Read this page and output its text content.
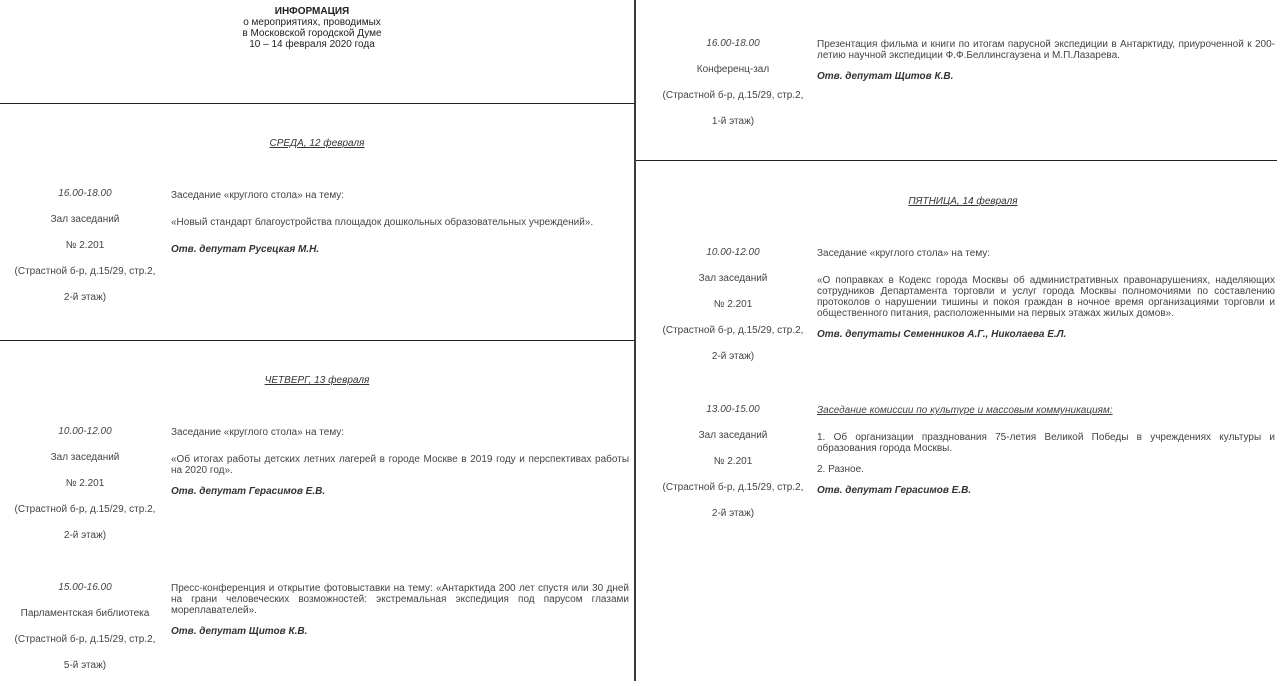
ИНФОРМАЦИЯ
о мероприятиях, проводимых
в Московской городской Думе
10 – 14 февраля 2020 года
СРЕДА, 12 февраля
16.00-18.00
Зал заседаний
№ 2.201
(Страстной б-р, д.15/29, стр.2,
2-й этаж)
Заседание «круглого стола» на тему:
«Новый стандарт благоустройства площадок дошкольных образовательных учреждений».
Отв. депутат Русецкая М.Н.
ЧЕТВЕРГ, 13 февраля
10.00-12.00
Зал заседаний
№ 2.201
(Страстной б-р, д.15/29, стр.2,
2-й этаж)
Заседание «круглого стола» на тему:
«Об итогах работы детских летних лагерей в городе Москве в 2019 году и перспективах работы на 2020 год».
Отв. депутат Герасимов Е.В.
15.00-16.00
Парламентская библиотека
(Страстной б-р, д.15/29, стр.2,
5-й этаж)
Пресс-конференция и открытие фотовыставки на тему: «Антарктида 200 лет спустя или 30 дней на грани человеческих возможностей: экстремальная экспедиция под парусом глазами мореплавателей».
Отв. депутат Щитов К.В.
16.00-18.00
Конференц-зал
(Страстной б-р, д.15/29, стр.2,
1-й этаж)
Презентация фильма и книги по итогам парусной экспедиции в Антарктиду, приуроченной к 200-летию научной экспедиции Ф.Ф.Беллинсгаузена и М.П.Лазарева.
Отв. депутат Щитов К.В.
ПЯТНИЦА, 14 февраля
10.00-12.00
Зал заседаний
№ 2.201
(Страстной б-р, д.15/29, стр.2,
2-й этаж)
Заседание «круглого стола» на тему:
«О поправках в Кодекс города Москвы об административных правонарушениях, наделяющих сотрудников Департамента торговли и услуг города Москвы полномочиями по составлению протоколов о нарушении тишины и покоя граждан в ночное время организациями торговли и общественного питания, расположенными на первых этажах жилых домов».
Отв. депутаты Семенников А.Г., Николаева Е.Л.
13.00-15.00
Зал заседаний
№ 2.201
(Страстной б-р, д.15/29, стр.2,
2-й этаж)
Заседание комиссии по культуре и массовым коммуникациям:
1. Об организации празднования 75-летия Великой Победы в учреждениях культуры и образования города Москвы.
2. Разное.
Отв. депутат Герасимов Е.В.
